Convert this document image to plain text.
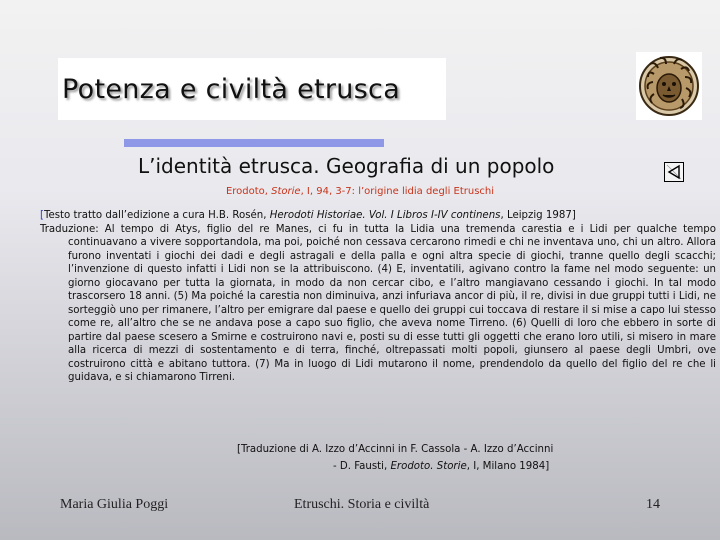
Potenza e civiltà etrusca
L’identità etrusca. Geografia di un popolo
Erodoto, Storie, I, 94, 3-7: l’origine lidia degli Etruschi

[Testo tratto dall’edizione a cura H.B. Rosén, Herodoti Historiae. Vol. I Libros I-IV continens, Leipzig 1987]

Traduzione: Al tempo di Atys, figlio del re Manes, ci fu in tutta la Lidia una tremenda carestia e i Lidi per qualche tempo continuavano a vivere sopportandola, ma poi, poiché non cessava cercarono rimedi e chi ne inventava uno, chi un altro. Allora furono inventati i giochi dei dadi e degli astragali e della palla e ogni altra specie di giochi, tranne quello degli scacchi; l’invenzione di questo infatti i Lidi non se la attribuiscono. (4) E, inventatili, agivano contro la fame nel modo seguente: un giorno giocavano per tutta la giornata, in modo da non cercar cibo, e l’altro mangiavano cessando i giochi. In tal modo trascorsero 18 anni. (5) Ma poiché la carestia non diminuiva, anzi infuriava ancor di più, il re, divisi in due gruppi tutti i Lidi, ne sorteggiò uno per rimanere, l’altro per emigrare dal paese e quello dei gruppi cui toccava di restare il si mise a capo lui stesso come re, all’altro che se ne andava pose a capo suo figlio, che aveva nome Tirreno. (6) Quelli di loro che ebbero in sorte di partire dal paese scesero a Smirne e costruirono navi e, posti su di esse tutti gli oggetti che erano loro utili, si misero in mare alla ricerca di mezzi di sostentamento e di terra, finché, oltrepassati molti popoli, giunsero al paese degli Umbri, ove costruirono città e abitano tuttora. (7) Ma in luogo di Lidi mutarono il nome, prendendolo da quello del figlio del re che li guidava, e si chiamarono Tirreni.

[Traduzione di A. Izzo d’Accinni in F. Cassola - A. Izzo d’Accinni
- D. Fausti, Erodoto. Storie, I, Milano 1984]
Maria Giulia Poggi	Etruschi. Storia e civiltà	14
